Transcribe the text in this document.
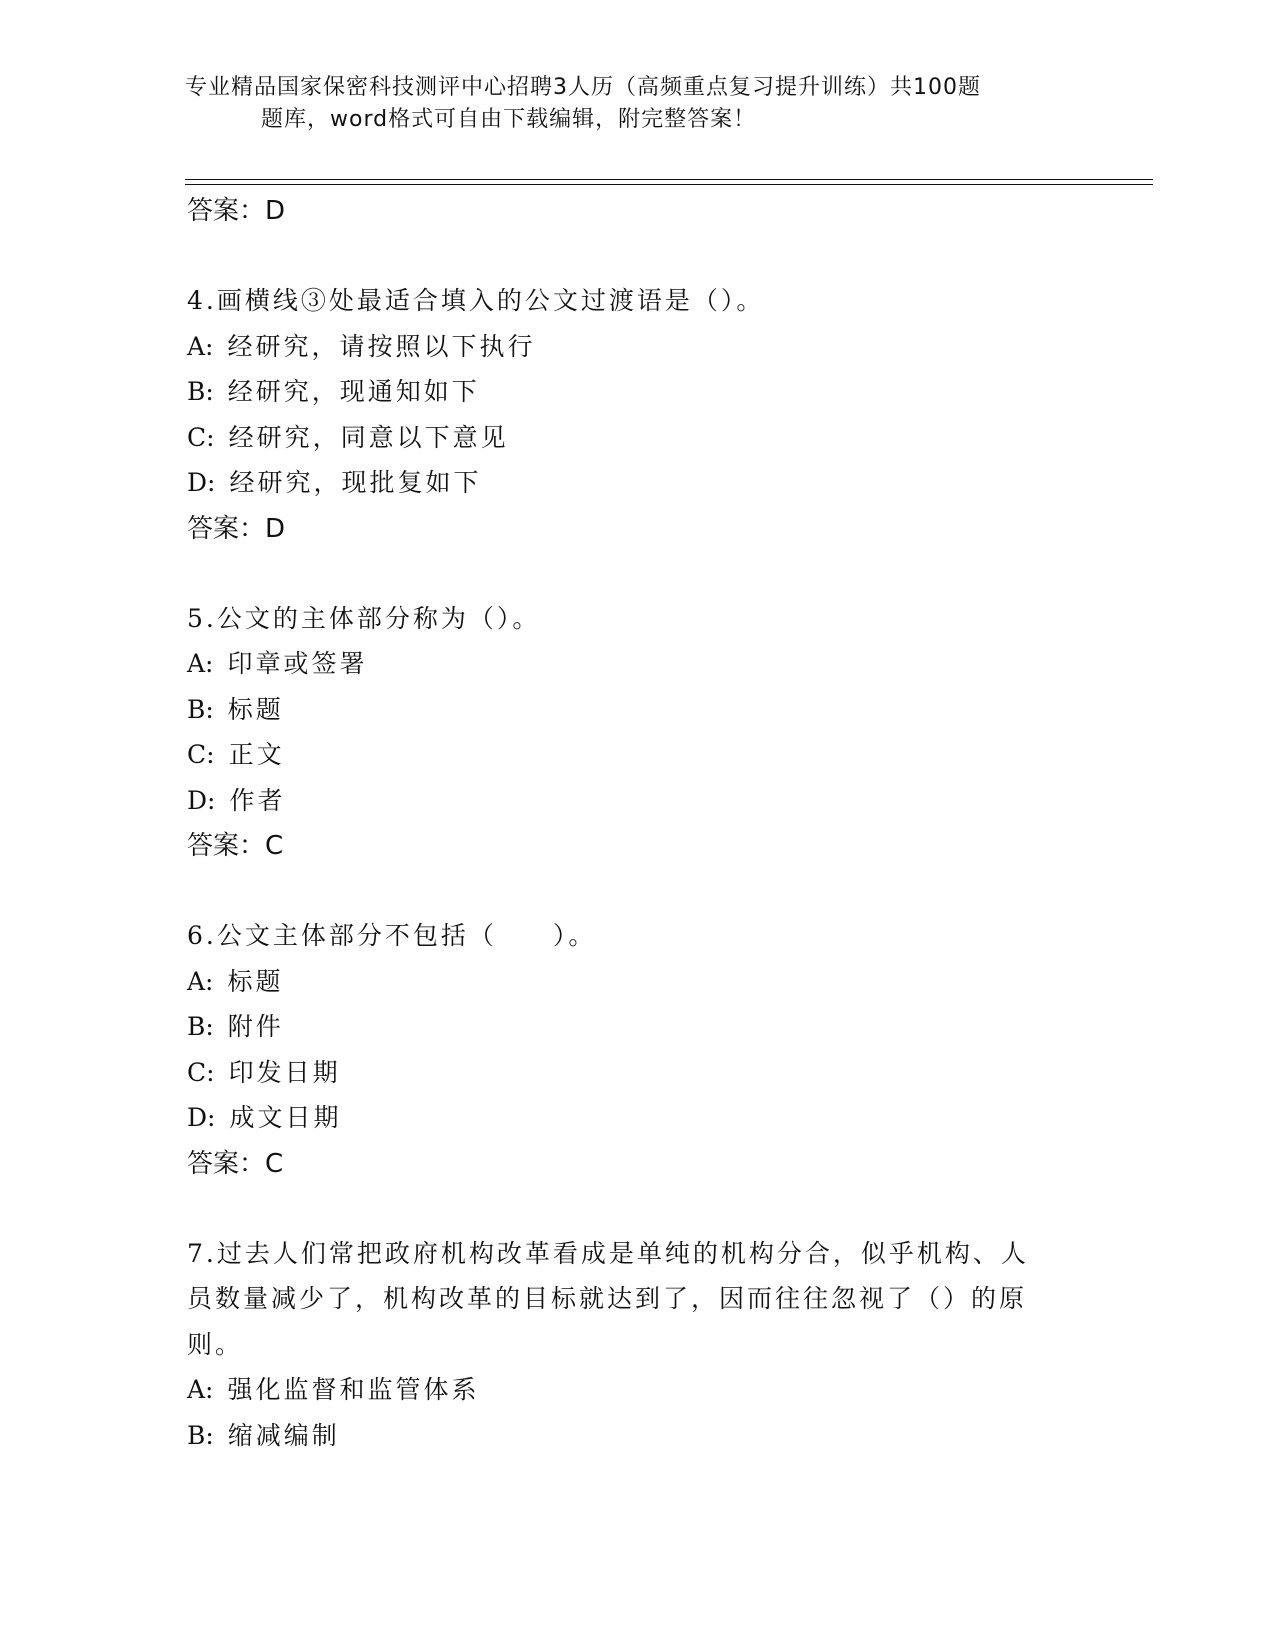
专业精品国家保密科技测评中心招聘3人历（高频重点复习提升训练）共100题
题库，word格式可自由下载编辑，附完整答案！
答案：D
4.画横线③处最适合填入的公文过渡语是（）。
A: 经研究，请按照以下执行
B: 经研究，现通知如下
C: 经研究，同意以下意见
D: 经研究，现批复如下
答案：D
5.公文的主体部分称为（）。
A: 印章或签署
B: 标题
C: 正文
D: 作者
答案：C
6.公文主体部分不包括（　　）。
A: 标题
B: 附件
C: 印发日期
D: 成文日期
答案：C
7.过去人们常把政府机构改革看成是单纯的机构分合，似乎机构、人
员数量减少了，机构改革的目标就达到了，因而往往忽视了（）的原
则。
A: 强化监督和监管体系
B: 缩减编制
